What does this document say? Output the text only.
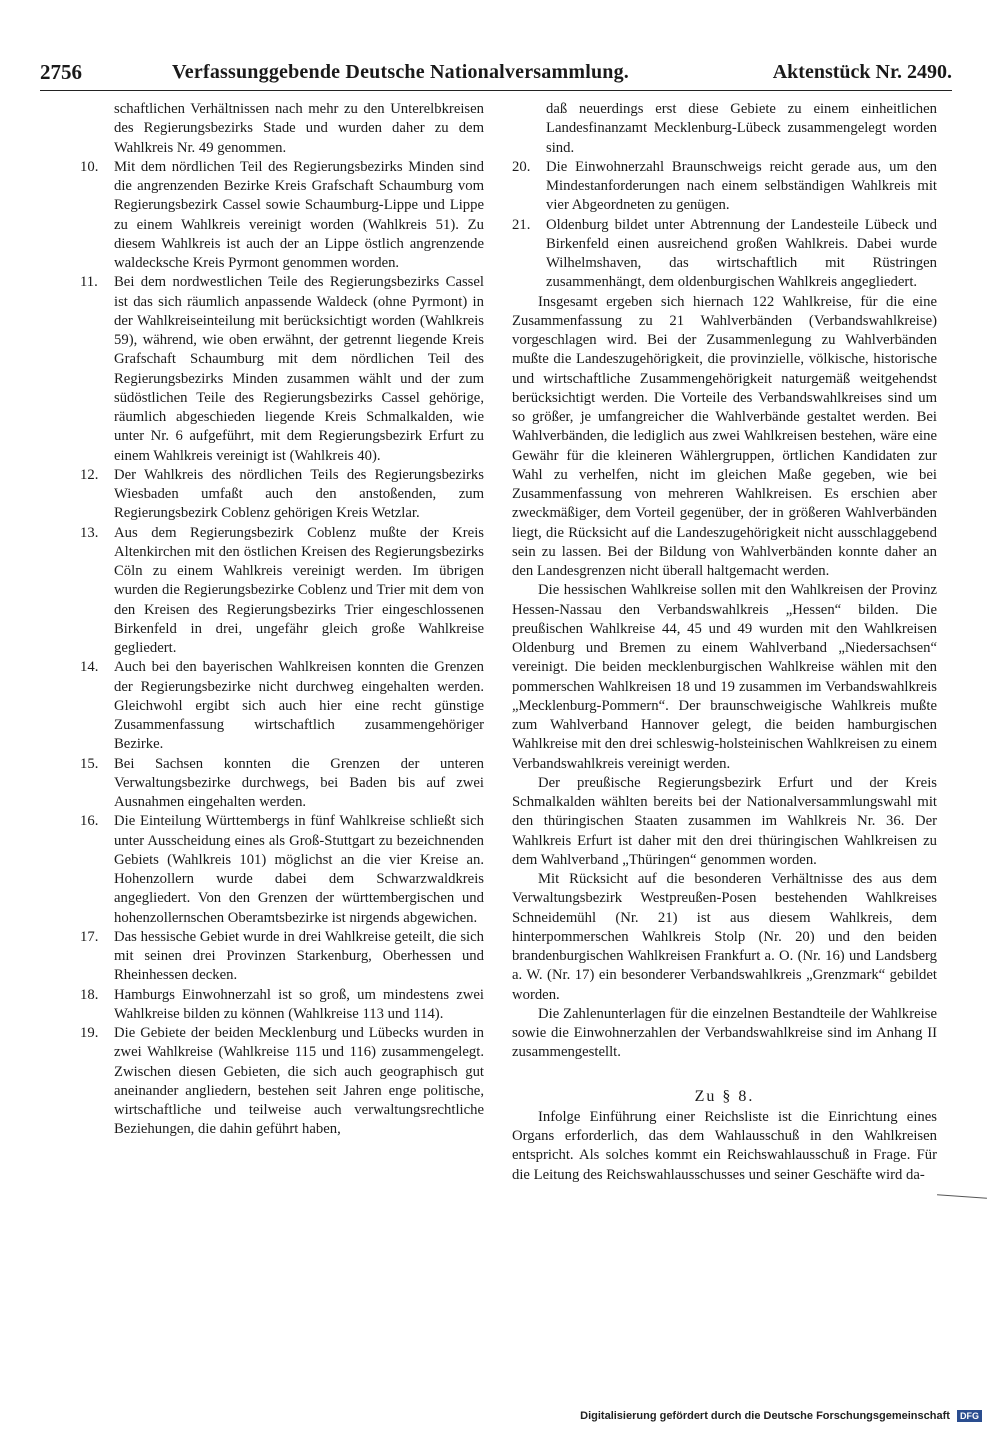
2756	Verfassunggebende Deutsche Nationalversammlung.	Aktenstück Nr. 2490.

schaftlichen Verhältnissen nach mehr zu den Unterelbkreisen des Regierungsbezirks Stade und wurden daher zu dem Wahlkreis Nr. 49 genommen.

10. Mit dem nördlichen Teil des Regierungsbezirks Minden sind die angrenzenden Bezirke Kreis Grafschaft Schaumburg vom Regierungsbezirk Cassel sowie Schaumburg-Lippe und Lippe zu einem Wahlkreis vereinigt worden (Wahlkreis 51). Zu diesem Wahlkreis ist auch der an Lippe östlich angrenzende waldecksche Kreis Pyrmont genommen worden.
11. Bei dem nordwestlichen Teile des Regierungsbezirks Cassel ist das sich räumlich anpassende Waldeck (ohne Pyrmont) in der Wahlkreiseinteilung mit berücksichtigt worden (Wahlkreis 59), während, wie oben erwähnt, der getrennt liegende Kreis Grafschaft Schaumburg mit dem nördlichen Teil des Regierungsbezirks Minden zusammen wählt und der zum südöstlichen Teile des Regierungsbezirks Cassel gehörige, räumlich abgeschieden liegende Kreis Schmalkalden, wie unter Nr. 6 aufgeführt, mit dem Regierungsbezirk Erfurt zu einem Wahlkreis vereinigt ist (Wahlkreis 40).
12. Der Wahlkreis des nördlichen Teils des Regierungsbezirks Wiesbaden umfaßt auch den anstoßenden, zum Regierungsbezirk Coblenz gehörigen Kreis Wetzlar.
13. Aus dem Regierungsbezirk Coblenz mußte der Kreis Altenkirchen mit den östlichen Kreisen des Regierungsbezirks Cöln zu einem Wahlkreis vereinigt werden. Im übrigen wurden die Regierungsbezirke Coblenz und Trier mit dem von den Kreisen des Regierungsbezirks Trier eingeschlossenen Birkenfeld in drei, ungefähr gleich große Wahlkreise gegliedert.
14. Auch bei den bayerischen Wahlkreisen konnten die Grenzen der Regierungsbezirke nicht durchweg eingehalten werden. Gleichwohl ergibt sich auch hier eine recht günstige Zusammenfassung wirtschaftlich zusammengehöriger Bezirke.
15. Bei Sachsen konnten die Grenzen der unteren Verwaltungsbezirke durchwegs, bei Baden bis auf zwei Ausnahmen eingehalten werden.
16. Die Einteilung Württembergs in fünf Wahlkreise schließt sich unter Ausscheidung eines als Groß-Stuttgart zu bezeichnenden Gebiets (Wahlkreis 101) möglichst an die vier Kreise an. Hohenzollern wurde dabei dem Schwarzwaldkreis angegliedert. Von den Grenzen der württembergischen und hohenzollernschen Oberamtsbezirke ist nirgends abgewichen.
17. Das hessische Gebiet wurde in drei Wahlkreise geteilt, die sich mit seinen drei Provinzen Starkenburg, Oberhessen und Rheinhessen decken.
18. Hamburgs Einwohnerzahl ist so groß, um mindestens zwei Wahlkreise bilden zu können (Wahlkreise 113 und 114).
19. Die Gebiete der beiden Mecklenburg und Lübecks wurden in zwei Wahlkreise (Wahlkreise 115 und 116) zusammengelegt. Zwischen diesen Gebieten, die sich auch geographisch gut aneinander angliedern, bestehen seit Jahren enge politische, wirtschaftliche und teilweise auch verwaltungsrechtliche Beziehungen, die dahin geführt haben,

daß neuerdings erst diese Gebiete zu einem einheitlichen Landesfinanzamt Mecklenburg-Lübeck zusammengelegt worden sind.

20. Die Einwohnerzahl Braunschweigs reicht gerade aus, um den Mindestanforderungen nach einem selbständigen Wahlkreis mit vier Abgeordneten zu genügen.
21. Oldenburg bildet unter Abtrennung der Landesteile Lübeck und Birkenfeld einen ausreichend großen Wahlkreis. Dabei wurde Wilhelmshaven, das wirtschaftlich mit Rüstringen zusammenhängt, dem oldenburgischen Wahlkreis angegliedert.

Insgesamt ergeben sich hiernach 122 Wahlkreise, für die eine Zusammenfassung zu 21 Wahlverbänden (Verbandswahlkreise) vorgeschlagen wird. Bei der Zusammenlegung zu Wahlverbänden mußte die Landeszugehörigkeit, die provinzielle, völkische, historische und wirtschaftliche Zusammengehörigkeit naturgemäß weitgehendst berücksichtigt werden. Die Vorteile des Verbandswahlkreises sind um so größer, je umfangreicher die Wahlverbände gestaltet werden. Bei Wahlverbänden, die lediglich aus zwei Wahlkreisen bestehen, wäre eine Gewähr für die kleineren Wählergruppen, örtlichen Kandidaten zur Wahl zu verhelfen, nicht im gleichen Maße gegeben, wie bei Zusammenfassung von mehreren Wahlkreisen. Es erschien aber zweckmäßiger, dem Vorteil gegenüber, der in größeren Wahlverbänden liegt, die Rücksicht auf die Landeszugehörigkeit nicht ausschlaggebend sein zu lassen. Bei der Bildung von Wahlverbänden konnte daher an den Landesgrenzen nicht überall haltgemacht werden.

Die hessischen Wahlkreise sollen mit den Wahlkreisen der Provinz Hessen-Nassau den Verbandswahlkreis „Hessen“ bilden. Die preußischen Wahlkreise 44, 45 und 49 wurden mit den Wahlkreisen Oldenburg und Bremen zu einem Wahlverband „Niedersachsen“ vereinigt. Die beiden mecklenburgischen Wahlkreise wählen mit den pommerschen Wahlkreisen 18 und 19 zusammen im Verbandswahlkreis „Mecklenburg-Pommern“. Der braunschweigische Wahlkreis mußte zum Wahlverband Hannover gelegt, die beiden hamburgischen Wahlkreise mit den drei schleswig-holsteinischen Wahlkreisen zu einem Verbandswahlkreis vereinigt werden.

Der preußische Regierungsbezirk Erfurt und der Kreis Schmalkalden wählten bereits bei der Nationalversammlungswahl mit den thüringischen Staaten zusammen im Wahlkreis Nr. 36. Der Wahlkreis Erfurt ist daher mit den drei thüringischen Wahlkreisen zu dem Wahlverband „Thüringen“ genommen worden.

Mit Rücksicht auf die besonderen Verhältnisse des aus dem Verwaltungsbezirk Westpreußen-Posen bestehenden Wahlkreises Schneidemühl (Nr. 21) ist aus diesem Wahlkreis, dem hinterpommerschen Wahlkreis Stolp (Nr. 20) und den beiden brandenburgischen Wahlkreisen Frankfurt a. O. (Nr. 16) und Landsberg a. W. (Nr. 17) ein besonderer Verbandswahlkreis „Grenzmark“ gebildet worden.

Die Zahlenunterlagen für die einzelnen Bestandteile der Wahlkreise sowie die Einwohnerzahlen der Verbandswahlkreise sind im Anhang II zusammengestellt.

Zu § 8.

Infolge Einführung einer Reichsliste ist die Einrichtung eines Organs erforderlich, das dem Wahlausschuß in den Wahlkreisen entspricht. Als solches kommt ein Reichswahlausschuß in Frage. Für die Leitung des Reichswahlausschusses und seiner Geschäfte wird da-

Digitalisierung gefördert durch die Deutsche Forschungsgemeinschaft DFG
